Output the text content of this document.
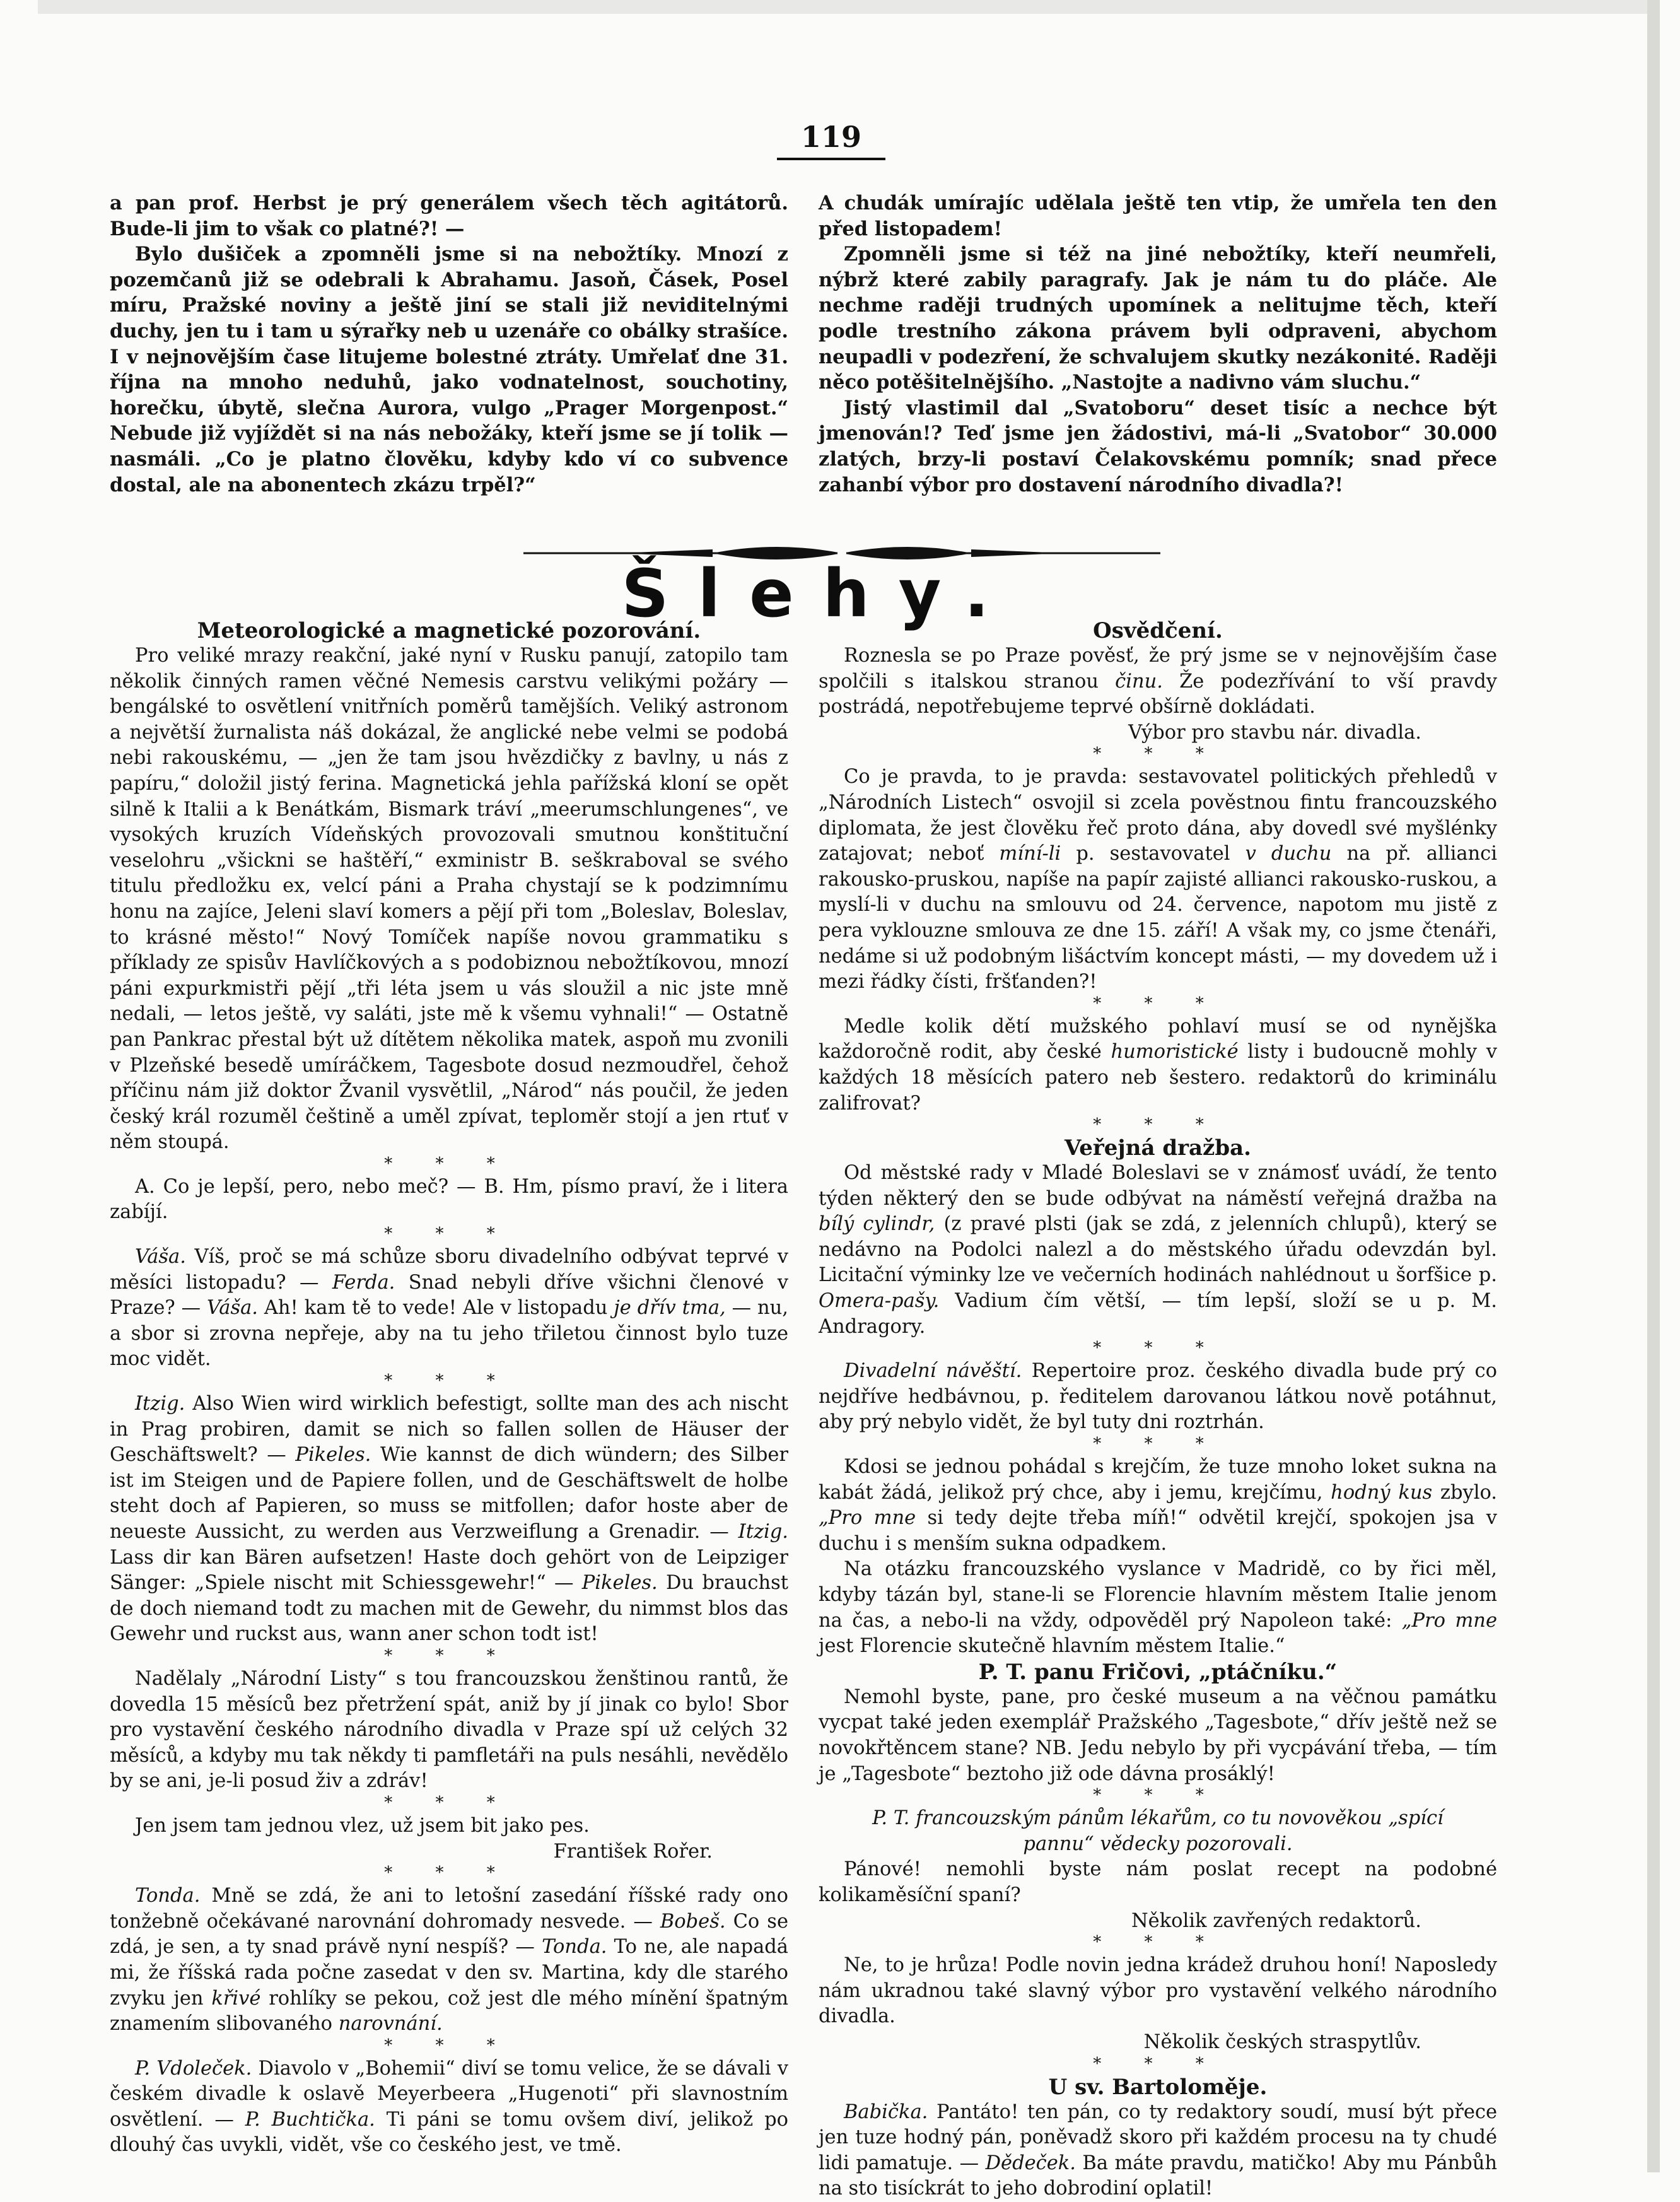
119

a pan prof. Herbst je prý generálem všech těch agitátorů. Bude-li jim to však co platné?! —

Bylo dušiček a zpomněli jsme si na nebožtíky. Mnozí z pozemčanů již se odebrali k Abrahamu. Jasoň, Čásek, Posel míru, Pražské noviny a ještě jiní se stali již neviditelnými duchy, jen tu i tam u sýrařky neb u uzenáře co obálky strašíce. I v nejnovějším čase litujeme bolestné ztráty. Umřelať dne 31. října na mnoho neduhů, jako vodnatelnost, souchotiny, horečku, úbytě, slečna Aurora, vulgo „Prager Morgenpost.“ Nebude již vyjíždět si na nás nebožáky, kteří jsme se jí tolik — nasmáli. „Co je platno člověku, kdyby kdo ví co subvence dostal, ale na abonentech zkázu trpěl?“

A chudák umírajíc udělala ještě ten vtip, že umřela ten den před listopadem!

Zpomněli jsme si též na jiné nebožtíky, kteří neumřeli, nýbrž které zabily paragrafy. Jak je nám tu do pláče. Ale nechme raději trudných upomínek a nelitujme těch, kteří podle trestního zákona právem byli odpraveni, abychom neupadli v podezření, že schvalujem skutky nezákonité. Raději něco potěšitelnějšího. „Nastojte a nadivno vám sluchu.“

Jistý vlastimil dal „Svatoboru“ deset tisíc a nechce být jmenován!? Teď jsme jen žádostivi, má-li „Svatobor“ 30.000 zlatých, brzy-li postaví Čelakovskému pomník; snad přece zahanbí výbor pro dostavení národního divadla?!

Šlehy.
Meteorologické a magnetické pozorování.

Pro veliké mrazy reakční, jaké nyní v Rusku panují, zatopilo tam několik činných ramen věčné Nemesis carstvu velikými požáry — bengálské to osvětlení vnitřních poměrů tamějších. Veliký astronom a největší žurnalista náš dokázal, že anglické nebe velmi se podobá nebi rakouskému, — „jen že tam jsou hvězdičky z bavlny, u nás z papíru,“ doložil jistý ferina. Magnetická jehla pařížská kloní se opět silně k Italii a k Benátkám, Bismark tráví „meerumschlungenes“, ve vysokých kruzích Vídeňských provozovali smutnou konštituční veselohru „všickni se haštěří,“ exministr B. seškraboval se svého titulu předložku ex, velcí páni a Praha chystají se k podzimnímu honu na zajíce, Jeleni slaví komers a pějí při tom „Boleslav, Boleslav, to krásné město!“ Nový Tomíček napíše novou grammatiku s příklady ze spisův Havlíčkových a s podobiznou nebožtíkovou, mnozí páni expurkmistři pějí „tři léta jsem u vás sloužil a nic jste mně nedali, — letos ještě, vy saláti, jste mě k všemu vyhnali!“ — Ostatně pan Pankrac přestal být už dítětem několika matek, aspoň mu zvonili v Plzeňské besedě umíráčkem, Tagesbote dosud nezmoudřel, čehož příčinu nám již doktor Žvanil vysvětlil, „Národ“ nás poučil, že jeden český král rozuměl češtině a uměl zpívat, teploměr stojí a jen rtuť v něm stoupá.

* * *

A. Co je lepší, pero, nebo meč? — B. Hm, písmo praví, že i litera zabíjí.

* * *

Váša. Víš, proč se má schůze sboru divadelního odbývat teprvé v měsíci listopadu? — Ferda. Snad nebyli dříve všichni členové v Praze? — Váša. Ah! kam tě to vede! Ale v listopadu je dřív tma, — nu, a sbor si zrovna nepřeje, aby na tu jeho třiletou činnost bylo tuze moc vidět.

* * *

Itzig. Also Wien wird wirklich befestigt, sollte man des ach nischt in Prag probiren, damit se nich so fallen sollen de Häuser der Geschäftswelt? — Pikeles. Wie kannst de dich wündern; des Silber ist im Steigen und de Papiere follen, und de Geschäftswelt de holbe steht doch af Papieren, so muss se mitfollen; dafor hoste aber de neueste Aussicht, zu werden aus Verzweiflung a Grenadir. — Itzig. Lass dir kan Bären aufsetzen! Haste doch gehört von de Leipziger Sänger: „Spiele nischt mit Schiessgewehr!“ — Pikeles. Du brauchst de doch niemand todt zu machen mit de Gewehr, du nimmst blos das Gewehr und ruckst aus, wann aner schon todt ist!

* * *

Nadělaly „Národní Listy“ s tou francouzskou ženštinou rantů, že dovedla 15 měsíců bez přetržení spát, aniž by jí jinak co bylo! Sbor pro vystavění českého národního divadla v Praze spí už celých 32 měsíců, a kdyby mu tak někdy ti pamfletáři na puls nesáhli, nevědělo by se ani, je-li posud živ a zdráv!

* * *

Jen jsem tam jednou vlez, už jsem bit jako pes.

František Rořer.

* * *

Tonda. Mně se zdá, že ani to letošní zasedání říšské rady ono tonžebně očekávané narovnání dohromady nesvede. — Bobeš. Co se zdá, je sen, a ty snad právě nyní nespíš? — Tonda. To ne, ale napadá mi, že říšská rada počne zasedat v den sv. Martina, kdy dle starého zvyku jen křivé rohlíky se pekou, což jest dle mého mínění špatným znamením slibovaného narovnání.

* * *

P. Vdoleček. Diavolo v „Bohemii“ diví se tomu velice, že se dávali v českém divadle k oslavě Meyerbeera „Hugenoti“ při slavnostním osvětlení. — P. Buchtička. Ti páni se tomu ovšem diví, jelikož po dlouhý čas uvykli, vidět, vše co českého jest, ve tmě.

Osvědčení.

Roznesla se po Praze pověsť, že prý jsme se v nejnovějším čase spolčili s italskou stranou činu. Že podezřívání to vší pravdy postrádá, nepotřebujeme teprvé obšírně dokládati.

Výbor pro stavbu nár. divadla.

* * *

Co je pravda, to je pravda: sestavovatel politických přehledů v „Národních Listech“ osvojil si zcela pověstnou fintu francouzského diplomata, že jest člověku řeč proto dána, aby dovedl své myšlénky zatajovat; neboť míní-li p. sestavovatel v duchu na př. allianci rakousko-pruskou, napíše na papír zajisté allianci rakousko-ruskou, a myslí-li v duchu na smlouvu od 24. července, napotom mu jistě z pera vyklouzne smlouva ze dne 15. září! A však my, co jsme čtenáři, nedáme si už podobným lišáctvím koncept másti, — my dovedem už i mezi řádky čísti, fršťanden?!

* * *

Medle kolik dětí mužského pohlaví musí se od nynějška každoročně rodit, aby české humoristické listy i budoucně mohly v každých 18 měsících patero neb šestero. redaktorů do kriminálu zalifrovat?

* * *

Veřejná dražba.

Od městské rady v Mladé Boleslavi se v známosť uvádí, že tento týden některý den se bude odbývat na náměstí veřejná dražba na bílý cylindr, (z pravé plsti (jak se zdá, z jelenních chlupů), který se nedávno na Podolci nalezl a do městského úřadu odevzdán byl. Licitační výminky lze ve večerních hodinách nahlédnout u šorfšice p. Omera-pašy. Vadium čím větší, — tím lepší, složí se u p. M. Andragory.

* * *

Divadelní návěští. Repertoire proz. českého divadla bude prý co nejdříve hedbávnou, p. ředitelem darovanou látkou nově potáhnut, aby prý nebylo vidět, že byl tuty dni roztrhán.

* * *

Kdosi se jednou pohádal s krejčím, že tuze mnoho loket sukna na kabát žádá, jelikož prý chce, aby i jemu, krejčímu, hodný kus zbylo. „Pro mne si tedy dejte třeba míň!“ odvětil krejčí, spokojen jsa v duchu i s menším sukna odpadkem.

Na otázku francouzského vyslance v Madridě, co by řici měl, kdyby tázán byl, stane-li se Florencie hlavním městem Italie jenom na čas, a nebo-li na vždy, odpověděl prý Napoleon také: „Pro mne jest Florencie skutečně hlavním městem Italie.“

P. T. panu Fričovi, „ptáčníku.“

Nemohl byste, pane, pro české museum a na věčnou památku vycpat také jeden exemplář Pražského „Tagesbote,“ dřív ještě než se novokřtěncem stane? NB. Jedu nebylo by při vycpávání třeba, — tím je „Tagesbote“ beztoho již ode dávna prosáklý!

* * *

P. T. francouzským pánům lékařům, co tu novověkou „spící
pannu“ vědecky pozorovali.

Pánové! nemohli byste nám poslat recept na podobné kolikaměsíční spaní?

Několik zavřených redaktorů.

* * *

Ne, to je hrůza! Podle novin jedna krádež druhou honí! Naposledy nám ukradnou také slavný výbor pro vystavění velkého národního divadla.

Několik českých straspytlův.

* * *

U sv. Bartoloměje.

Babička. Pantáto! ten pán, co ty redaktory soudí, musí být přece jen tuze hodný pán, poněvadž skoro při každém procesu na ty chudé lidi pamatuje. — Dědeček. Ba máte pravdu, matičko! Aby mu Pánbůh na sto tisíckrát to jeho dobrodiní oplatil!
